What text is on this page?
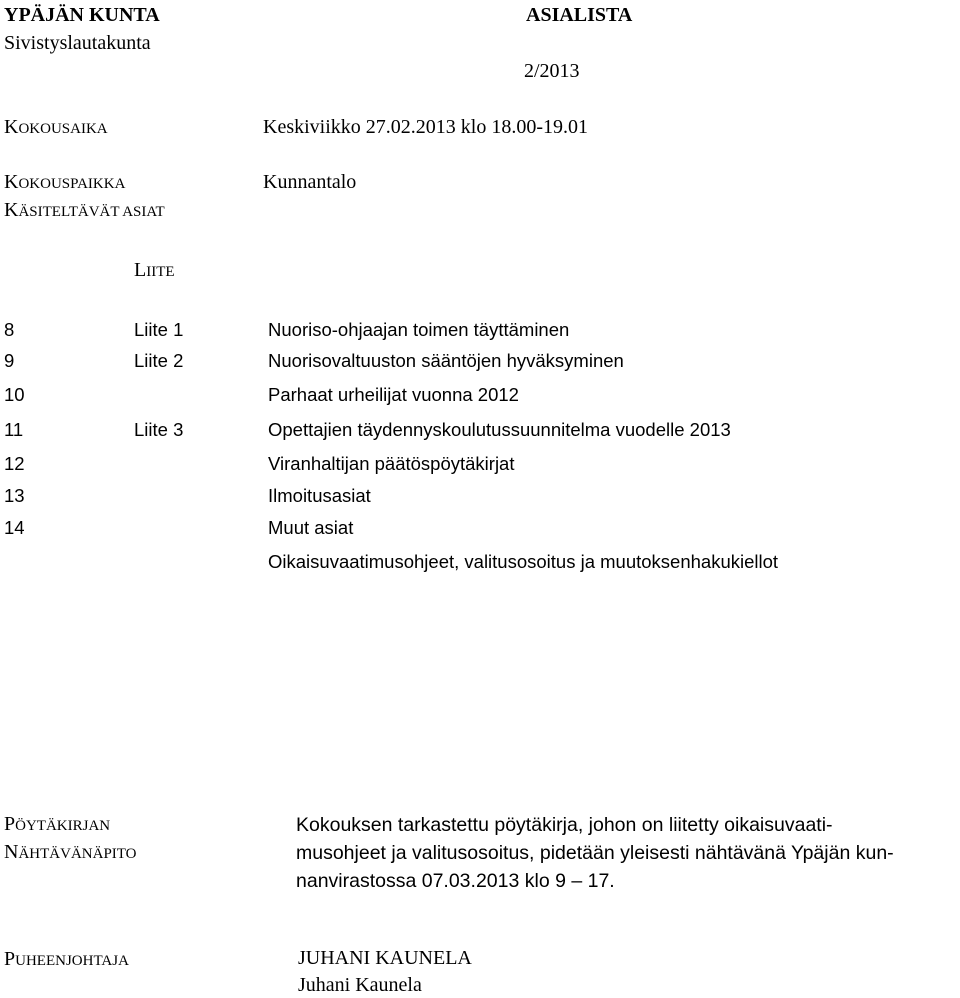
YPÄJÄN KUNTA
Sivistyslautakunta
ASIALISTA
2/2013
KOKOUSAIKA	Keskiviikko 27.02.2013 klo 18.00-19.01
KOKOUSPAIKKA	Kunnantalo
KÄSITELTÄVÄT ASIAT
LIITE
8	Liite 1	Nuoriso-ohjaajan toimen täyttäminen
9	Liite 2	Nuorisovaltuuston sääntöjen hyväksyminen
10	Parhaat urheilijat vuonna 2012
11	Liite 3	Opettajien täydennyskoulutussuunnitelma vuodelle 2013
12	Viranhaltijan päätöspöytäkirjat
13	Ilmoitusasiat
14	Muut asiat
Oikaisuvaatimusohjeet, valitusosoitus ja muutoksenhakukiellot
PÖYTÄKIRJAN
NÄHTÄVÄNÄPITO
Kokouksen tarkastettu pöytäkirja, johon on liitetty oikaisuvaati-
musohjeet ja valitusosoitus, pidetään yleisesti nähtävänä Ypäjän kun-
nanvirastossa 07.03.2013 klo 9 – 17.
PUHEENJOHTAJA	JUHANI KAUNELA
Juhani Kaunela
